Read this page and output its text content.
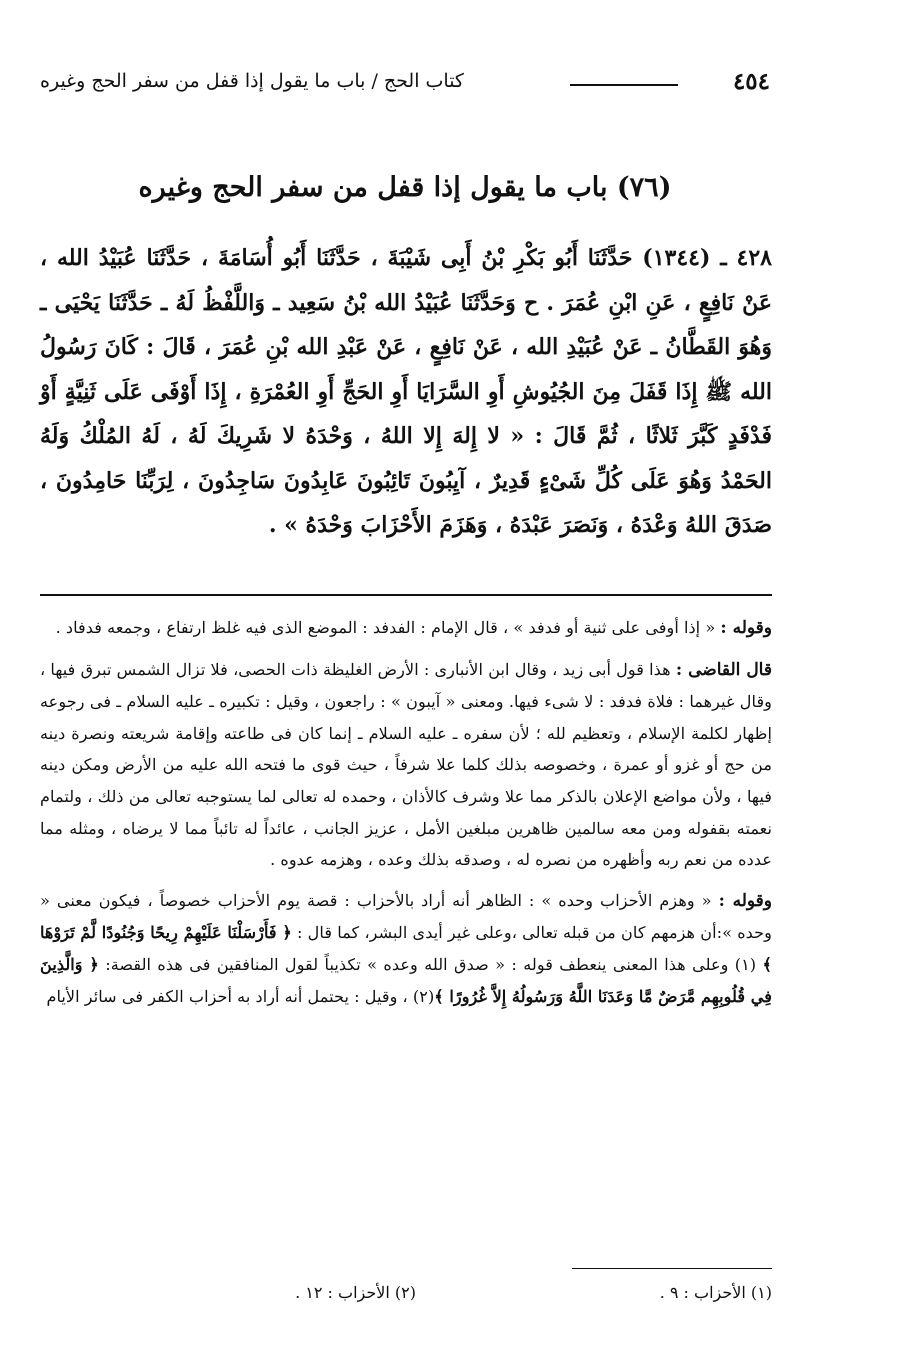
٤٥٤
كتاب الحج / باب ما يقول إذا قفل من سفر الحج وغيره
(٧٦) باب ما يقول إذا قفل من سفر الحج وغيره

٤٢٨ ـ (١٣٤٤) حَدَّثَنَا أَبُو بَكْرِ بْنُ أَبِى شَيْبَةَ ، حَدَّثَنَا أَبُو أُسَامَةَ ، حَدَّثَنَا عُبَيْدُ الله ، عَنْ نَافِعٍ ، عَنِ ابْنِ عُمَرَ . ح وَحَدَّثَنَا عُبَيْدُ الله بْنُ سَعِيد ـ وَاللَّفْظُ لَهُ ـ حَدَّثَنَا يَحْيَى ـ وَهُوَ القَطَّانُ ـ عَنْ عُبَيْدِ الله ، عَنْ نَافِعٍ ، عَنْ عَبْدِ الله بْنِ عُمَرَ ، قَالَ : كَانَ رَسُولُ الله ﷺ إِذَا قَفَلَ مِنَ الجُيُوشِ أَوِ السَّرَايَا أَوِ الحَجِّ أَوِ العُمْرَةِ ، إِذَا أَوْفَى عَلَى ثَنِيَّةٍ أَوْ فَدْفَدٍ كَبَّرَ ثَلاثًا ، ثُمَّ قَالَ : « لا إِلهَ إِلا اللهُ ، وَحْدَهُ لا شَرِيكَ لَهُ ، لَهُ المُلْكُ وَلَهُ الحَمْدُ وَهُوَ عَلَى كُلِّ شَىْءٍ قَدِيرٌ ، آيِبُونَ تَائِبُونَ عَابِدُونَ سَاجِدُونَ ، لِرَبِّنَا حَامِدُونَ ، صَدَقَ اللهُ وَعْدَهُ ، وَنَصَرَ عَبْدَهُ ، وَهَزَمَ الأَحْزَابَ وَحْدَهُ » .

وقوله : « إذا أوفى على ثنية أو فدفد » ، قال الإمام : الفدفد : الموضع الذى فيه غلظ ارتفاع ، وجمعه فدفاد .

قال القاضى : هذا قول أبى زيد ، وقال ابن الأنبارى : الأرض الغليظة ذات الحصى، فلا تزال الشمس تبرق فيها ، وقال غيرهما : فلاة فدفد : لا شىء فيها. ومعنى « آيبون » : راجعون ، وقيل : تكبيره ـ عليه السلام ـ فى رجوعه إظهار لكلمة الإسلام ، وتعظيم لله ؛ لأن سفره ـ عليه السلام ـ إنما كان فى طاعته وإقامة شريعته ونصرة دينه من حج أو غزو أو عمرة ، وخصوصه بذلك كلما علا شرفاً ، حيث قوى ما فتحه الله عليه من الأرض ومكن دينه فيها ، ولأن مواضع الإعلان بالذكر مما علا وشرف كالأذان ، وحمده له تعالى لما يستوجبه تعالى من ذلك ، ولتمام نعمته بقفوله ومن معه سالمين ظاهرين مبلغين الأمل ، عزيز الجانب ، عائداً له تائباً مما لا يرضاه ، ومثله مما عدده من نعم ربه وأظهره من نصره له ، وصدقه بذلك وعده ، وهزمه عدوه .

وقوله : « وهزم الأحزاب وحده » : الظاهر أنه أراد بالأحزاب : قصة يوم الأحزاب خصوصاً ، فيكون معنى « وحده »:أن هزمهم كان من قبله تعالى ،وعلى غير أيدى البشر، كما قال : ﴿ فَأَرْسَلْنَا عَلَيْهِمْ رِيحًا وَجُنُودًا لَّمْ تَرَوْهَا ﴾ (١) وعلى هذا المعنى ينعطف قوله : « صدق الله وعده » تكذيباً لقول المنافقين فى هذه القصة: ﴿ وَالَّذِينَ فِي قُلُوبِهِم مَّرَضٌ مَّا وَعَدَنَا اللَّهُ وَرَسُولُهُ إِلاَّ غُرُورًا ﴾(٢) ، وقيل : يحتمل أنه أراد به أحزاب الكفر فى سائر الأيام

(١) الأحزاب : ٩ .
(٢) الأحزاب : ١٢ .
